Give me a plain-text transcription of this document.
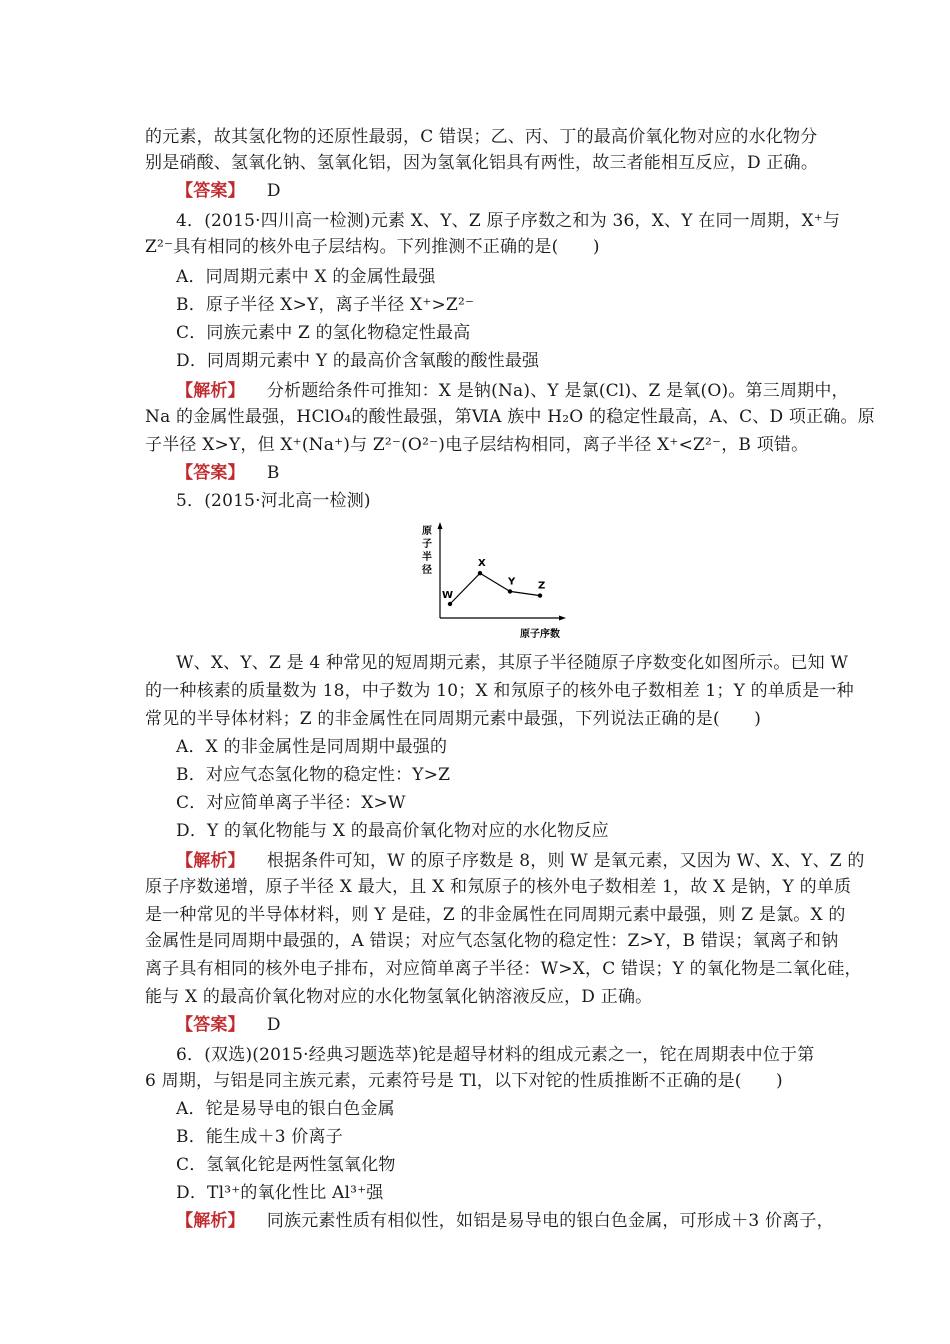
的元素，故其氢化物的还原性最弱，C 错误；乙、丙、丁的最高价氧化物对应的水化物分
别是硝酸、氢氧化钠、氢氧化铝，因为氢氧化铝具有两性，故三者能相互反应，D 正确。
【答案】 D
4．(2015·四川高一检测)元素 X、Y、Z 原子序数之和为 36，X、Y 在同一周期，X⁺与
Z²⁻具有相同的核外电子层结构。下列推测不正确的是(　　)
A．同周期元素中 X 的金属性最强
B．原子半径 X>Y，离子半径 X⁺>Z²⁻
C．同族元素中 Z 的氢化物稳定性最高
D．同周期元素中 Y 的最高价含氧酸的酸性最强
【解析】 分析题给条件可推知：X 是钠(Na)、Y 是氯(Cl)、Z 是氧(O)。第三周期中，
Na 的金属性最强，HClO₄的酸性最强，第ⅥA 族中 H₂O 的稳定性最高，A、C、D 项正确。原
子半径 X>Y，但 X⁺(Na⁺)与 Z²⁻(O²⁻)电子层结构相同，离子半径 X⁺<Z²⁻，B 项错。
【答案】 B
5．(2015·河北高一检测)
W、X、Y、Z 是 4 种常见的短周期元素，其原子半径随原子序数变化如图所示。已知 W
的一种核素的质量数为 18，中子数为 10；X 和氖原子的核外电子数相差 1；Y 的单质是一种
常见的半导体材料；Z 的非金属性在同周期元素中最强，下列说法正确的是(　　)
A．X 的非金属性是同周期中最强的
B．对应气态氢化物的稳定性：Y>Z
C．对应简单离子半径：X>W
D．Y 的氧化物能与 X 的最高价氧化物对应的水化物反应
【解析】 根据条件可知，W 的原子序数是 8，则 W 是氧元素，又因为 W、X、Y、Z 的
原子序数递增，原子半径 X 最大，且 X 和氖原子的核外电子数相差 1，故 X 是钠，Y 的单质
是一种常见的半导体材料，则 Y 是硅，Z 的非金属性在同周期元素中最强，则 Z 是氯。X 的
金属性是同周期中最强的，A 错误；对应气态氢化物的稳定性：Z>Y，B 错误；氧离子和钠
离子具有相同的核外电子排布，对应简单离子半径：W>X，C 错误；Y 的氧化物是二氧化硅，
能与 X 的最高价氧化物对应的水化物氢氧化钠溶液反应，D 正确。
【答案】 D
6．(双选)(2015·经典习题选萃)铊是超导材料的组成元素之一，铊在周期表中位于第
6 周期，与铝是同主族元素，元素符号是 Tl，以下对铊的性质推断不正确的是(　　)
A．铊是易导电的银白色金属
B．能生成＋3 价离子
C．氢氧化铊是两性氢氧化物
D．Tl³⁺的氧化性比 Al³⁺强
【解析】 同族元素性质有相似性，如铝是易导电的银白色金属，可形成＋3 价离子，
原
子
半
径
原子序数
W
X
Y Z
